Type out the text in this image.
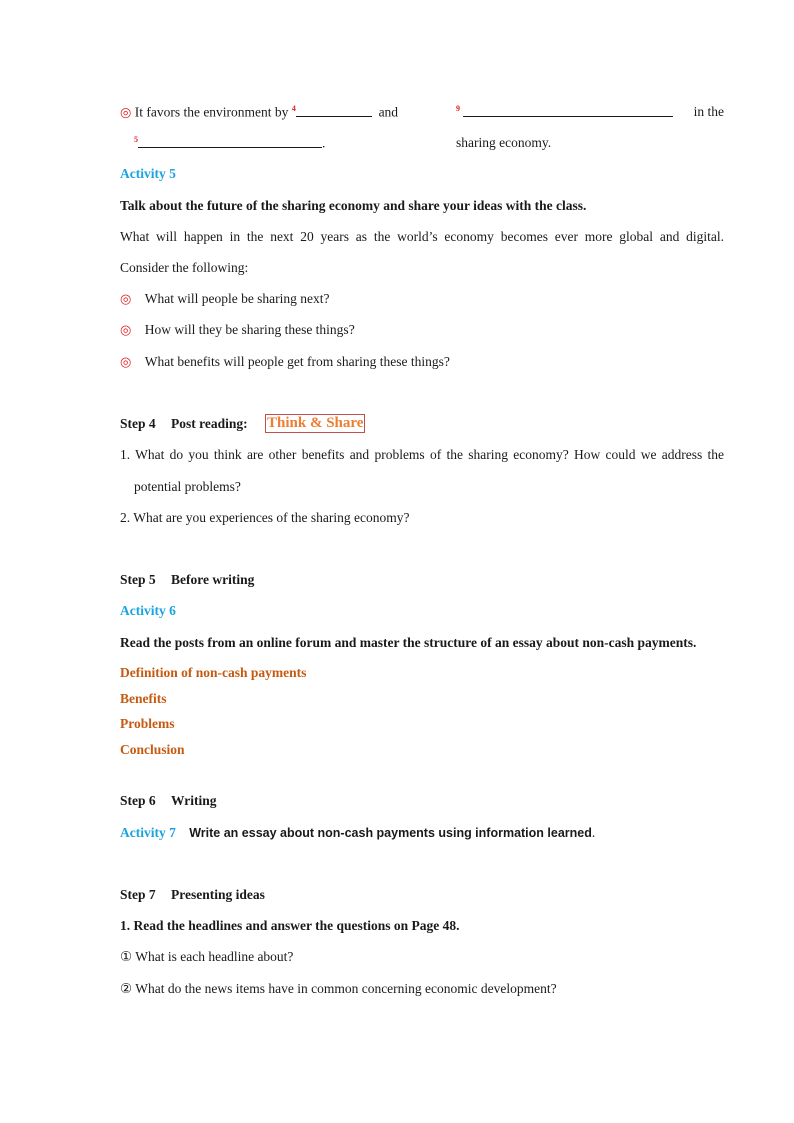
◎ It favors the environment by $^4$	and	$^9$	in the
$^5$	.	sharing economy.
Activity 5
Talk about the future of the sharing economy and share your ideas with the class.
What will happen in the next 20 years as the world’s economy becomes ever more global and digital.
Consider the following:
◎ What will people be sharing next?
◎ How will they be sharing these things?
◎ What benefits will people get from sharing these things?
Step 4 Post reading: Think & Share
1. What do you think are other benefits and problems of the sharing economy? How could we address the
potential problems?
2. What are you experiences of the sharing economy?
Step 5 Before writing
Activity 6
Read the posts from an online forum and master the structure of an essay about non-cash payments.
Definition of non-cash payments
Benefits
Problems
Conclusion
Step 6 Writing
Activity 7 Write an essay about non-cash payments using information learned.
Step 7 Presenting ideas
1. Read the headlines and answer the questions on Page 48.
① What is each headline about?
② What do the news items have in common concerning economic development?
